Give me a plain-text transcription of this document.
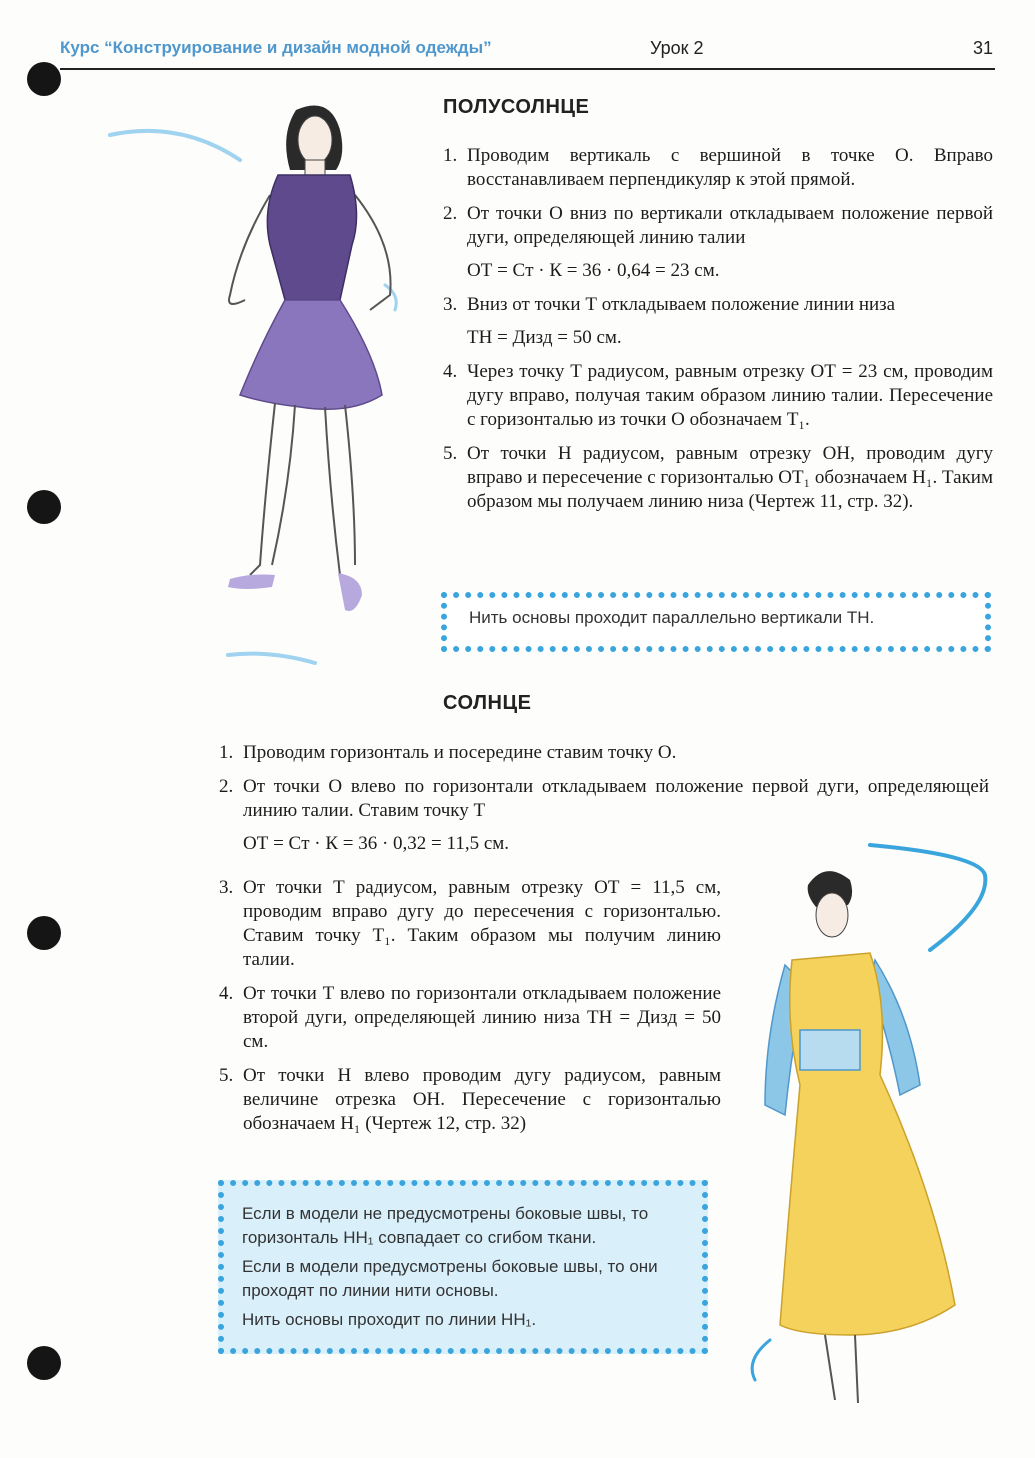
Курс “Конструирование и дизайн модной одежды”	Урок 2	31
ПОЛУСОЛНЦЕ
1. Проводим вертикаль с вершиной в точке О. Вправо восстанавливаем перпендикуляр к этой прямой.
2. От точки О вниз по вертикали откладываем положение первой дуги, определяющей линию талии
ОТ = Сᴛ · К = 36 · 0,64 = 23 см.
3. Вниз от точки Т откладываем положение линии низа
ТН = Дизд = 50 см.
4. Через точку Т радиусом, равным отрезку ОТ = 23 см, проводим дугу вправо, получая таким образом линию талии. Пересечение с горизонталью из точки О обозначаем Т₁.
5. От точки Н радиусом, равным отрезку ОН, проводим дугу вправо и пересечение с горизонталью ОТ₁ обозначаем Н₁. Таким образом мы получаем линию низа (Чертеж 11, стр. 32).
Нить основы проходит параллельно вертикали ТН.
СОЛНЦЕ
1. Проводим горизонталь и посередине ставим точку О.
2. От точки О влево по горизонтали откладываем положение первой дуги, определяющей линию талии. Ставим точку Т
ОТ = Сᴛ · К = 36 · 0,32 = 11,5 см.
3. От точки Т радиусом, равным отрезку ОТ = 11,5 см, проводим вправо дугу до пересечения с горизонталью. Ставим точку Т₁. Таким образом мы получим линию талии.
4. От точки Т влево по горизонтали откладываем положение второй дуги, определяющей линию низа ТН = Дизд = 50 см.
5. От точки Н влево проводим дугу радиусом, равным величине отрезка ОН. Пересечение с горизонталью обозначаем Н₁ (Чертеж 12, стр. 32)

Если в модели не предусмотрены боковые швы, то горизонталь НН₁ совпадает со сгибом ткани.

Если в модели предусмотрены боковые швы, то они проходят по линии нити основы.

Нить основы проходит по линии НН₁.
